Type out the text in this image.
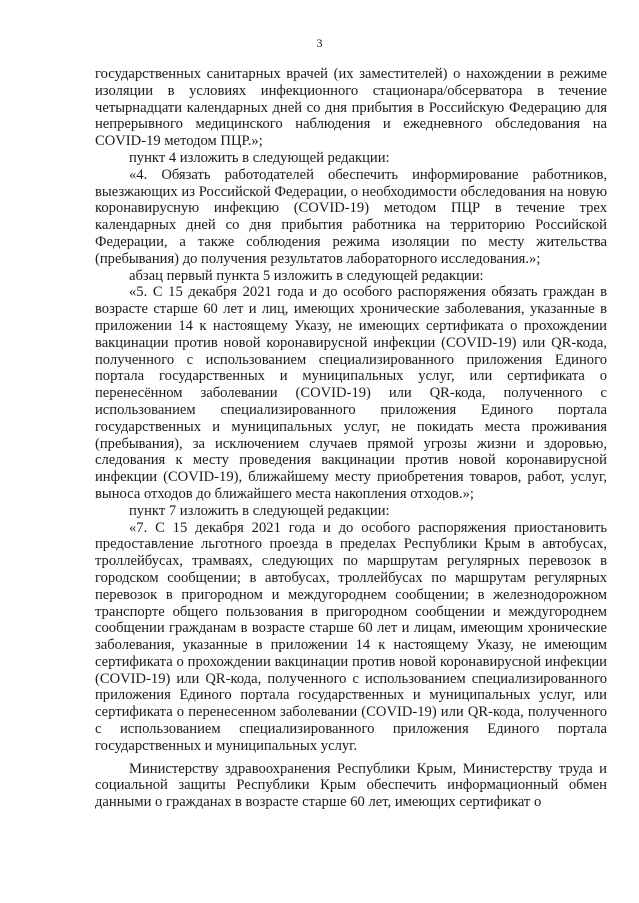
3

государственных санитарных врачей (их заместителей) о нахождении в режиме изоляции в условиях инфекционного стационара/обсерватора в течение четырнадцати календарных дней со дня прибытия в Российскую Федерацию для непрерывного медицинского наблюдения и ежедневного обследования на COVID-19 методом ПЦР.»;

пункт 4 изложить в следующей редакции:

«4. Обязать работодателей обеспечить информирование работников, выезжающих из Российской Федерации, о необходимости обследования на новую коронавирусную инфекцию (COVID-19) методом ПЦР в течение трех календарных дней со дня прибытия работника на территорию Российской Федерации, а также соблюдения режима изоляции по месту жительства (пребывания) до получения результатов лабораторного исследования.»;

абзац первый пункта 5 изложить в следующей редакции:

«5. С 15 декабря 2021 года и до особого распоряжения обязать граждан в возрасте старше 60 лет и лиц, имеющих хронические заболевания, указанные в приложении 14 к настоящему Указу, не имеющих сертификата о прохождении вакцинации против новой коронавирусной инфекции (COVID-19) или QR-кода, полученного с использованием специализированного приложения Единого портала государственных и муниципальных услуг, или сертификата о перенесённом заболевании (COVID-19) или QR-кода, полученного с использованием специализированного приложения Единого портала государственных и муниципальных услуг, не покидать места проживания (пребывания), за исключением случаев прямой угрозы жизни и здоровью, следования к месту проведения вакцинации против новой коронавирусной инфекции (COVID-19), ближайшему месту приобретения товаров, работ, услуг, выноса отходов до ближайшего места накопления отходов.»;

пункт 7 изложить в следующей редакции:

«7. С 15 декабря 2021 года и до особого распоряжения приостановить предоставление льготного проезда в пределах Республики Крым в автобусах, троллейбусах, трамваях, следующих по маршрутам регулярных перевозок в городском сообщении; в автобусах, троллейбусах по маршрутам регулярных перевозок в пригородном и междугороднем сообщении; в железнодорожном транспорте общего пользования в пригородном сообщении и междугороднем сообщении гражданам в возрасте старше 60 лет и лицам, имеющим хронические заболевания, указанные в приложении 14 к настоящему Указу, не имеющим сертификата о прохождении вакцинации против новой коронавирусной инфекции (COVID-19) или QR-кода, полученного с использованием специализированного приложения Единого портала государственных и муниципальных услуг, или сертификата о перенесенном заболевании (COVID-19) или QR-кода, полученного с использованием специализированного приложения Единого портала государственных и муниципальных услуг.

Министерству здравоохранения Республики Крым, Министерству труда и социальной защиты Республики Крым обеспечить информационный обмен данными о гражданах в возрасте старше 60 лет, имеющих сертификат о
